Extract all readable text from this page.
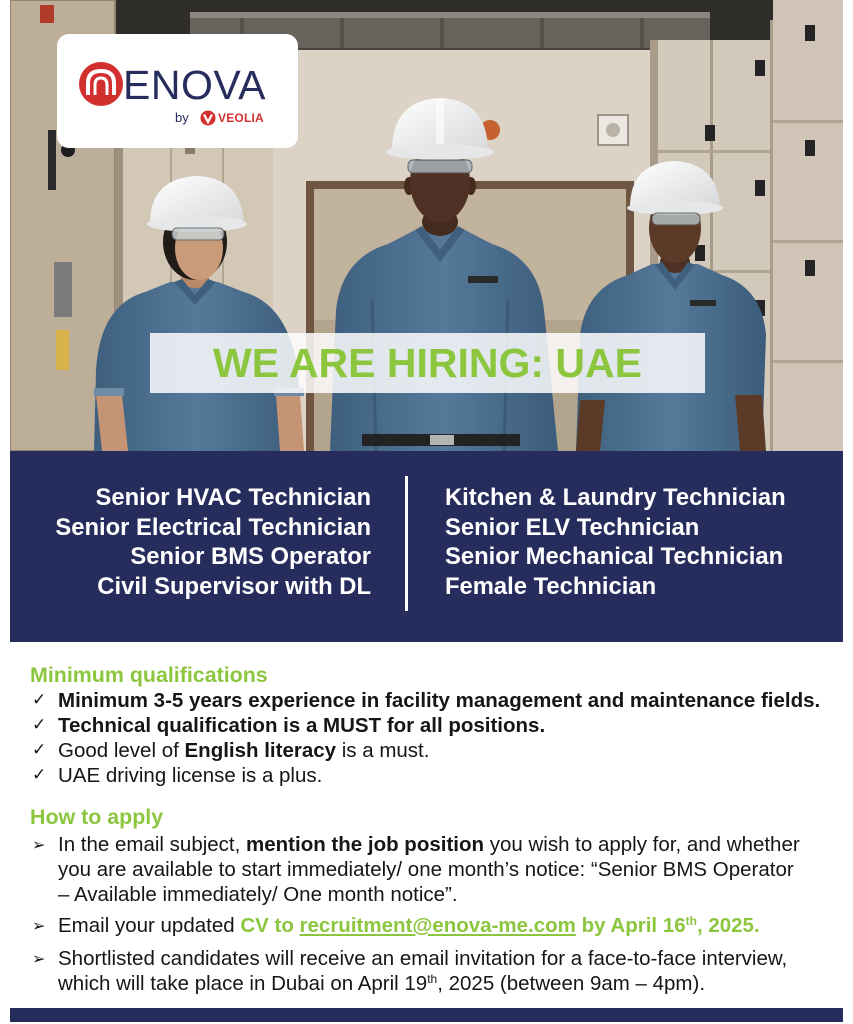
ENOVA
by VEOLIA
WE ARE HIRING: UAE
Senior HVAC Technician
Senior Electrical Technician
Senior BMS Operator
Civil Supervisor with DL
Kitchen & Laundry Technician
Senior ELV Technician
Senior Mechanical Technician
Female Technician
Minimum qualifications
✓ Minimum 3-5 years experience in facility management and maintenance fields.
✓ Technical qualification is a MUST for all positions.
✓ Good level of English literacy is a must.
✓ UAE driving license is a plus.
How to apply
➢ In the email subject, mention the job position you wish to apply for, and whether
you are available to start immediately/ one month’s notice: “Senior BMS Operator
– Available immediately/ One month notice”.
➢ Email your updated CV to recruitment@enova-me.com by April 16th, 2025.
➢ Shortlisted candidates will receive an email invitation for a face-to-face interview,
which will take place in Dubai on April 19th, 2025 (between 9am – 4pm).
